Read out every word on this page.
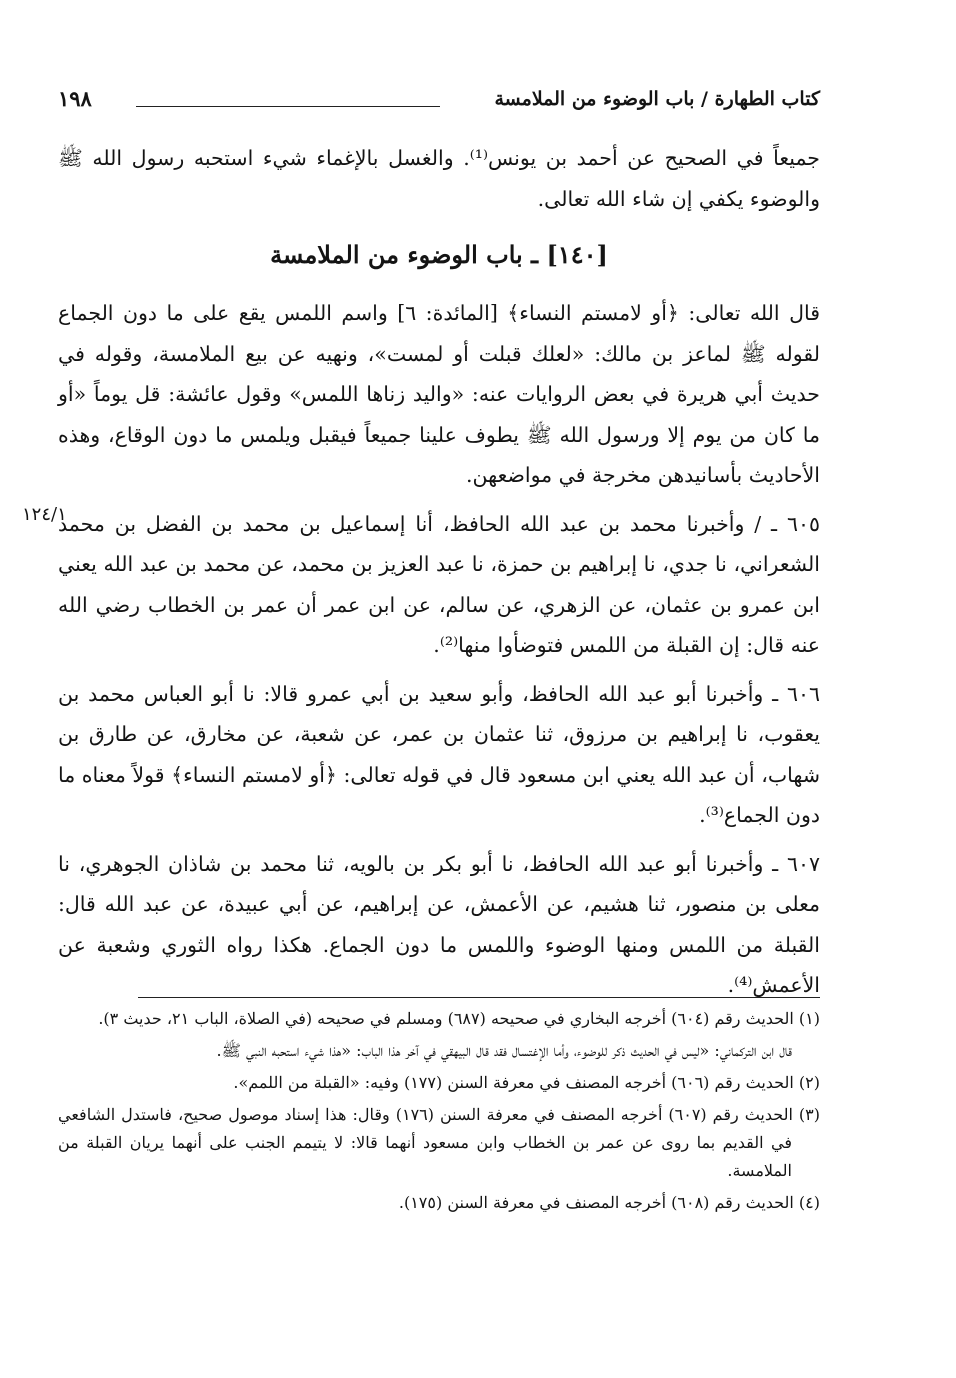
كتاب الطهارة / باب الوضوء من الملامسة
١٩٨

جميعاً في الصحيح عن أحمد بن يونس⁽¹⁾. والغسل بالإغماء شيء استحبه رسول الله ﷺ والوضوء يكفي إن شاء الله تعالى.

[١٤٠] ـ باب الوضوء من الملامسة

قال الله تعالى: ﴿أو لامستم النساء﴾ [المائدة: ٦] واسم اللمس يقع على ما دون الجماع لقوله ﷺ لماعز بن مالك: «لعلك قبلت أو لمست»، ونهيه عن بيع الملامسة، وقوله في حديث أبي هريرة في بعض الروايات عنه: «واليد زناها اللمس» وقول عائشة: قل يوماً «أو ما كان من يوم إلا ورسول الله ﷺ يطوف علينا جميعاً فيقبل ويلمس ما دون الوقاع، وهذه الأحاديث بأسانيدهن مخرجة في مواضعهن.

١٢٤/١

٦٠٥ ـ / وأخبرنا محمد بن عبد الله الحافظ، أنا إسماعيل بن محمد بن الفضل بن محمد الشعراني، نا جدي، نا إبراهيم بن حمزة، نا عبد العزيز بن محمد، عن محمد بن عبد الله يعني ابن عمرو بن عثمان، عن الزهري، عن سالم، عن ابن عمر أن عمر بن الخطاب رضي الله عنه قال: إن القبلة من اللمس فتوضأوا منها⁽²⁾.

٦٠٦ ـ وأخبرنا أبو عبد الله الحافظ، وأبو سعيد بن أبي عمرو قالا: نا أبو العباس محمد بن يعقوب، نا إبراهيم بن مرزوق، ثنا عثمان بن عمر، عن شعبة، عن مخارق، عن طارق بن شهاب، أن عبد الله يعني ابن مسعود قال في قوله تعالى: ﴿أو لامستم النساء﴾ قولاً معناه ما دون الجماع⁽³⁾.

٦٠٧ ـ وأخبرنا أبو عبد الله الحافظ، نا أبو بكر بن بالويه، ثنا محمد بن شاذان الجوهري، نا معلى بن منصور، ثنا هشيم، عن الأعمش، عن إبراهيم، عن أبي عبيدة، عن عبد الله قال: القبلة من اللمس ومنها الوضوء واللمس ما دون الجماع. هكذا رواه الثوري وشعبة عن الأعمش⁽⁴⁾.

(١) الحديث رقم (٦٠٤) أخرجه البخاري في صحيحه (٦٨٧) ومسلم في صحيحه (في الصلاة، الباب ٢١، حديث ٣).

قال ابن التركماني: «ليس في الحديث ذكر للوضوء، وأما الإغتسال فقد قال البيهقي في آخر هذا الباب: «هذا شيء استحبه النبي ﷺ.

(٢) الحديث رقم (٦٠٦) أخرجه المصنف في معرفة السنن (١٧٧) وفيه: «القبلة من اللمم».

(٣) الحديث رقم (٦٠٧) أخرجه المصنف في معرفة السنن (١٧٦) وقال: هذا إسناد موصول صحيح، فاستدل الشافعي في القديم بما روى عن عمر بن الخطاب وابن مسعود أنهما قالا: لا يتيمم الجنب على أنهما يريان القبلة من الملامسة.

(٤) الحديث رقم (٦٠٨) أخرجه المصنف في معرفة السنن (١٧٥).
